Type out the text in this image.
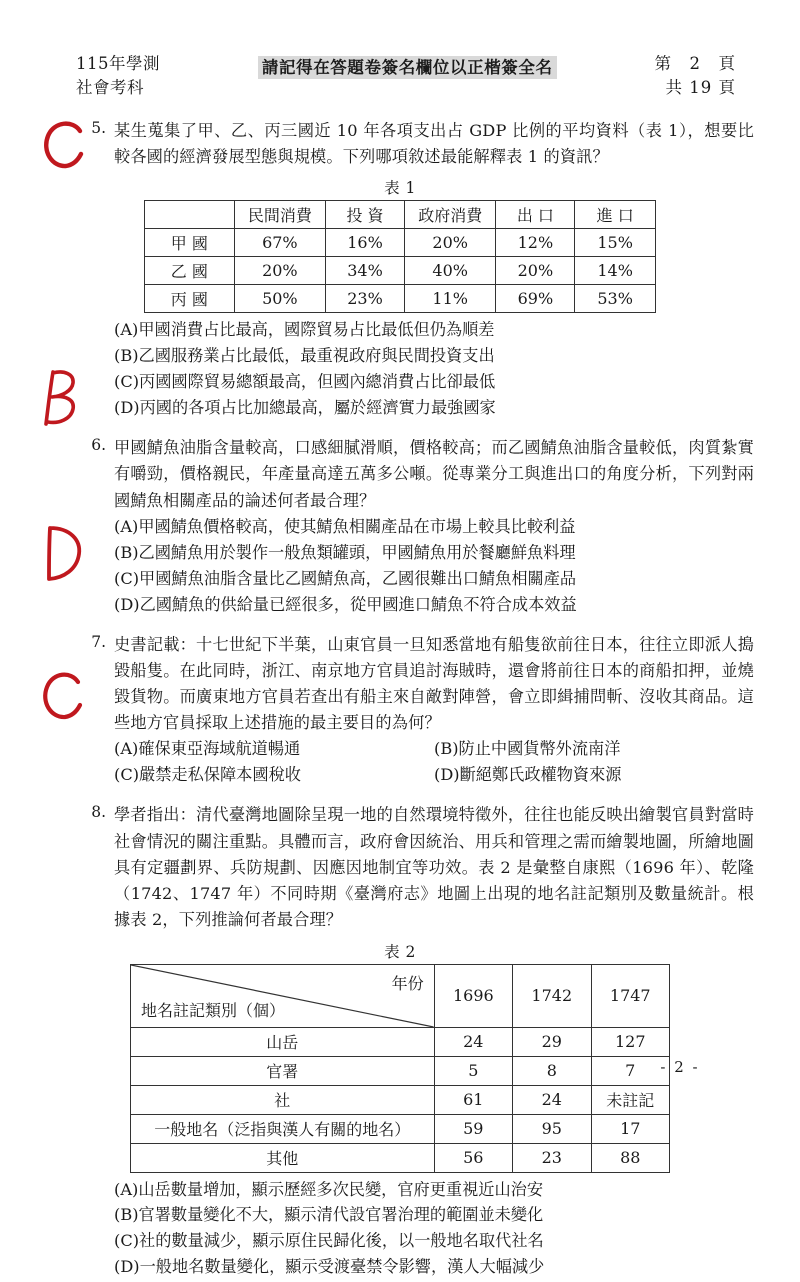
115年學測
社會考科
請記得在答題卷簽名欄位以正楷簽全名	第　2　頁
共 19 頁
5. 某生蒐集了甲、乙、丙三國近 10 年各項支出占 GDP 比例的平均資料（表 1），想要比較各國的經濟發展型態與規模。下列哪項敘述最能解釋表 1 的資訊？
表 1
	民間消費	投 資	政府消費	出 口	進 口
甲 國	67%	16%	20%	12%	15%
乙 國	20%	34%	40%	20%	14%
丙 國	50%	23%	11%	69%	53%
(A)甲國消費占比最高，國際貿易占比最低但仍為順差
(B)乙國服務業占比最低，最重視政府與民間投資支出
(C)丙國國際貿易總額最高，但國內總消費占比卻最低
(D)丙國的各項占比加總最高，屬於經濟實力最強國家
6. 甲國鯖魚油脂含量較高，口感細膩滑順，價格較高；而乙國鯖魚油脂含量較低，肉質紮實有嚼勁，價格親民，年產量高達五萬多公噸。從專業分工與進出口的角度分析，下列對兩國鯖魚相關產品的論述何者最合理？
(A)甲國鯖魚價格較高，使其鯖魚相關產品在市場上較具比較利益
(B)乙國鯖魚用於製作一般魚類罐頭，甲國鯖魚用於餐廳鮮魚料理
(C)甲國鯖魚油脂含量比乙國鯖魚高，乙國很難出口鯖魚相關產品
(D)乙國鯖魚的供給量已經很多，從甲國進口鯖魚不符合成本效益
7. 史書記載：十七世紀下半葉，山東官員一旦知悉當地有船隻欲前往日本，往往立即派人搗毀船隻。在此同時，浙江、南京地方官員追討海賊時，還會將前往日本的商船扣押，並燒毀貨物。而廣東地方官員若查出有船主來自敵對陣營，會立即緝捕問斬、沒收其商品。這些地方官員採取上述措施的最主要目的為何？
(A)確保東亞海域航道暢通	(B)防止中國貨幣外流南洋
(C)嚴禁走私保障本國稅收	(D)斷絕鄭氏政權物資來源
8. 學者指出：清代臺灣地圖除呈現一地的自然環境特徵外，往往也能反映出繪製官員對當時社會情況的關注重點。具體而言，政府會因統治、用兵和管理之需而繪製地圖，所繪地圖具有定疆劃界、兵防規劃、因應因地制宜等功效。表 2 是彙整自康熙（1696 年）、乾隆（1742、1747 年）不同時期《臺灣府志》地圖上出現的地名註記類別及數量統計。根據表 2，下列推論何者最合理？
表 2
年份
地名註記類別（個）	1696	1742	1747
山岳	24	29	127
官署	5	8	7
社	61	24	未註記
一般地名（泛指與漢人有關的地名）	59	95	17
其他	56	23	88
(A)山岳數量增加，顯示歷經多次民變，官府更重視近山治安
(B)官署數量變化不大，顯示清代設官署治理的範圍並未變化
(C)社的數量減少，顯示原住民歸化後，以一般地名取代社名
(D)一般地名數量變化，顯示受渡臺禁令影響，漢人大幅減少
- 2 -
